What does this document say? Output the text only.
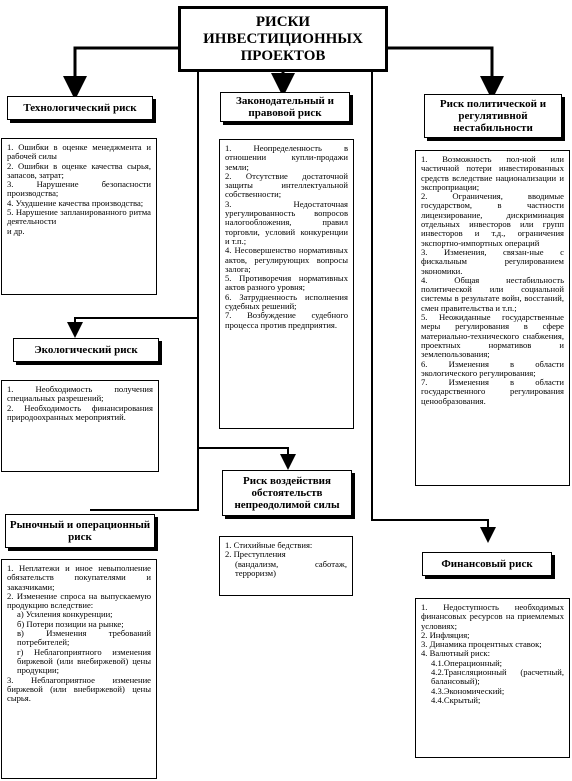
РИСКИ ИНВЕСТИЦИОННЫХ ПРОЕКТОВ
Технологический риск

1. Ошибки в оценке менеджмента и рабочей силы

2. Ошибки в оценке качества сырья, запасов, затрат;

3. Нарушение безопасности производства;

4. Ухудшение качества производства;

5. Нарушение запланированного ритма деятельности

и др.

Законодательный и правовой риск

1. Неопределенность в отношении купли-продажи земли;

2. Отсутствие достаточной защиты интеллектуальной собственности;

3. Недостаточная урегулированность вопросов налогообложения, правил торговли, условий конкуренции и т.п.;

4. Несовершенство нормативных актов, регулирующих вопросы залога;

5. Противоречия нормативных актов разного уровня;

6. Затрудненность исполнения судебных решений;

7. Возбуждение судебного процесса против предприятия.

Риск политической и регулятивной нестабильности

1. Возможность пол-ной или частичной потери инвестированных средств вследствие национализации и экспроприации;

2. Ограничения, вводимые государством, в частности лицензирование, дискриминация отдельных инвесторов или групп инвесторов и т.д., ограничения экспортно-импортных операций

3. Изменения, связан-ные с фискальным регулированием экономики.

4. Общая нестабильность политической или социальной системы в результате войн, восстаний, смен правительства и т.п.;

5. Неожиданные государственные меры регулирования в сфере материально-технического снабжения, проектных нормативов и землепользования;

6. Изменения в области экологического регулирования;

7. Изменения в области государственного регулирования ценообразования.

Экологический риск

1. Необходимость получения специальных разрешений;

2. Необходимость финансирования природоохранных мероприятий.

Риск воздействия обстоятельств непреодолимой силы

1. Стихийные бедствия:

2. Преступления

(вандализм, саботаж, терроризм)

Рыночный и операционный риск

1. Неплатежи и иное невыполнение обязательств покупателями и заказчиками;

2. Изменение спроса на выпускаемую продукцию вследствие:

а) Усиления конкуренции;

б) Потери позиции на рынке;

в) Изменения требований потребителей;

г) Неблагоприятного изменения биржевой (или внебиржевой) цены продукции;

3. Неблагоприятное изменение биржевой (или внебиржевой) цены сырья.

Финансовый риск

1. Недоступность необходимых финансовых ресурсов на приемлемых условиях;

2. Инфляция;

3. Динамика процентных ставок;

4. Валютный риск:

4.1.Операционный;

4.2.Трансляционный (расчетный, балансовый);

4.3.Экономический;

4.4.Скрытый;
